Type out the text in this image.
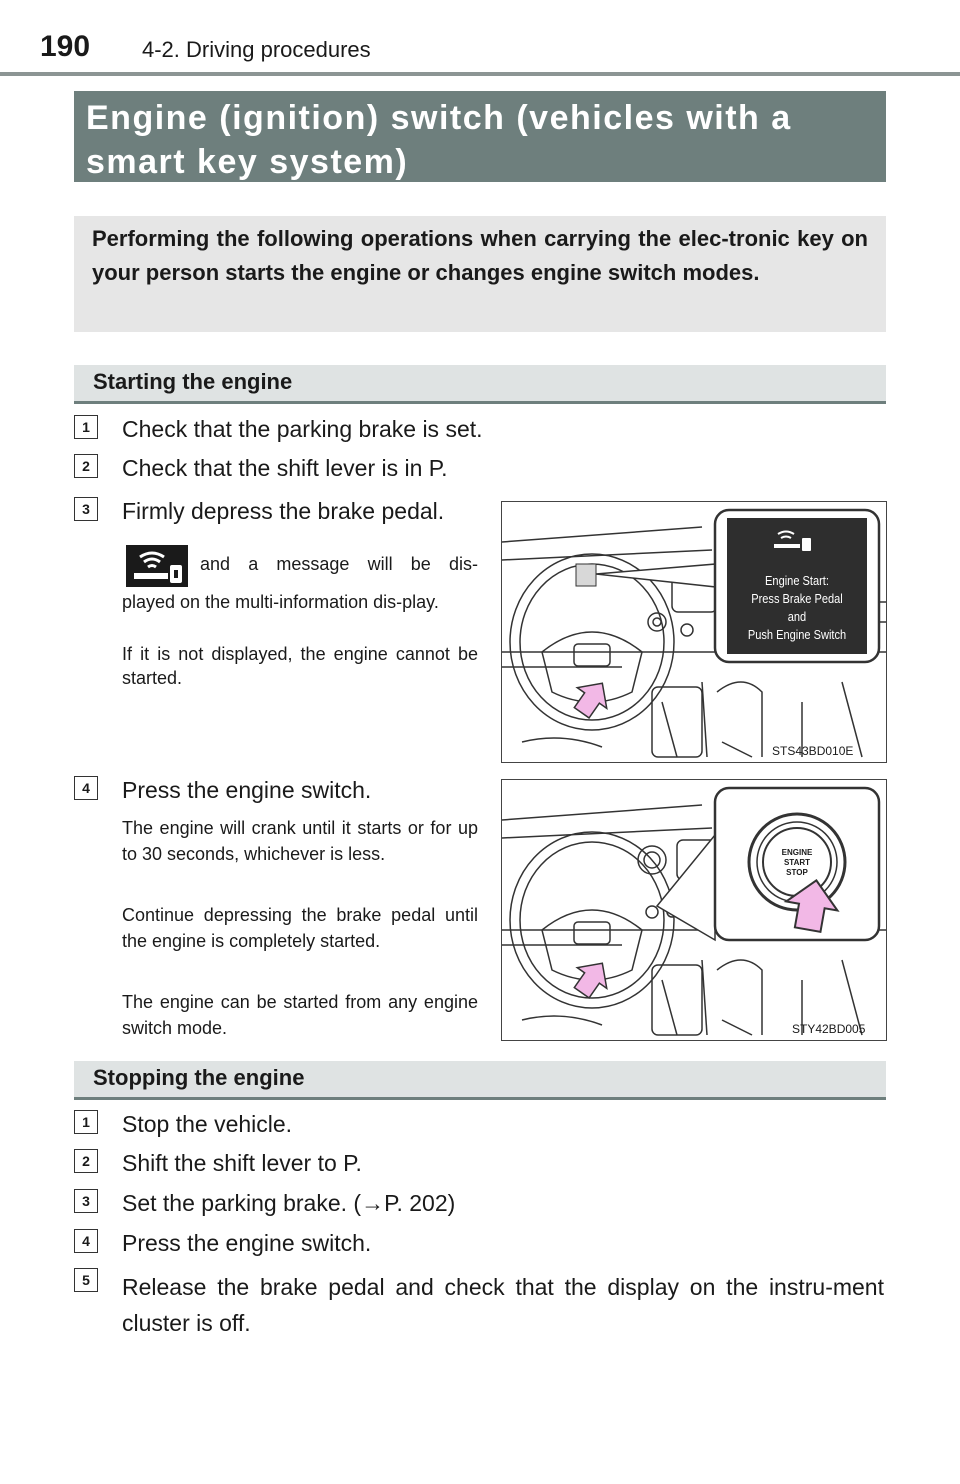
190 4-2. Driving procedures
Engine (ignition) switch (vehicles with a smart key system)
Performing the following operations when carrying the elec-tronic key on your person starts the engine or changes engine switch modes.
Starting the engine
1	Check that the parking brake is set.
2	Check that the shift lever is in P.
3	Firmly depress the brake pedal.
and a message will be dis-
played on the multi-information dis-play.
If it is not displayed, the engine cannot be started.
Engine Start:
Press Brake Pedal
and
Push Engine Switch
STS43BD010E
4	Press the engine switch.
The engine will crank until it starts or for up to 30 seconds, whichever is less.
Continue depressing the brake pedal until the engine is completely started.
The engine can be started from any engine switch mode.
ENGINE
START
STOP
STY42BD005
Stopping the engine
1	Stop the vehicle.
2	Shift the shift lever to P.
3	Set the parking brake. (→P. 202)
4	Press the engine switch.
5	Release the brake pedal and check that the display on the instru-ment cluster is off.
